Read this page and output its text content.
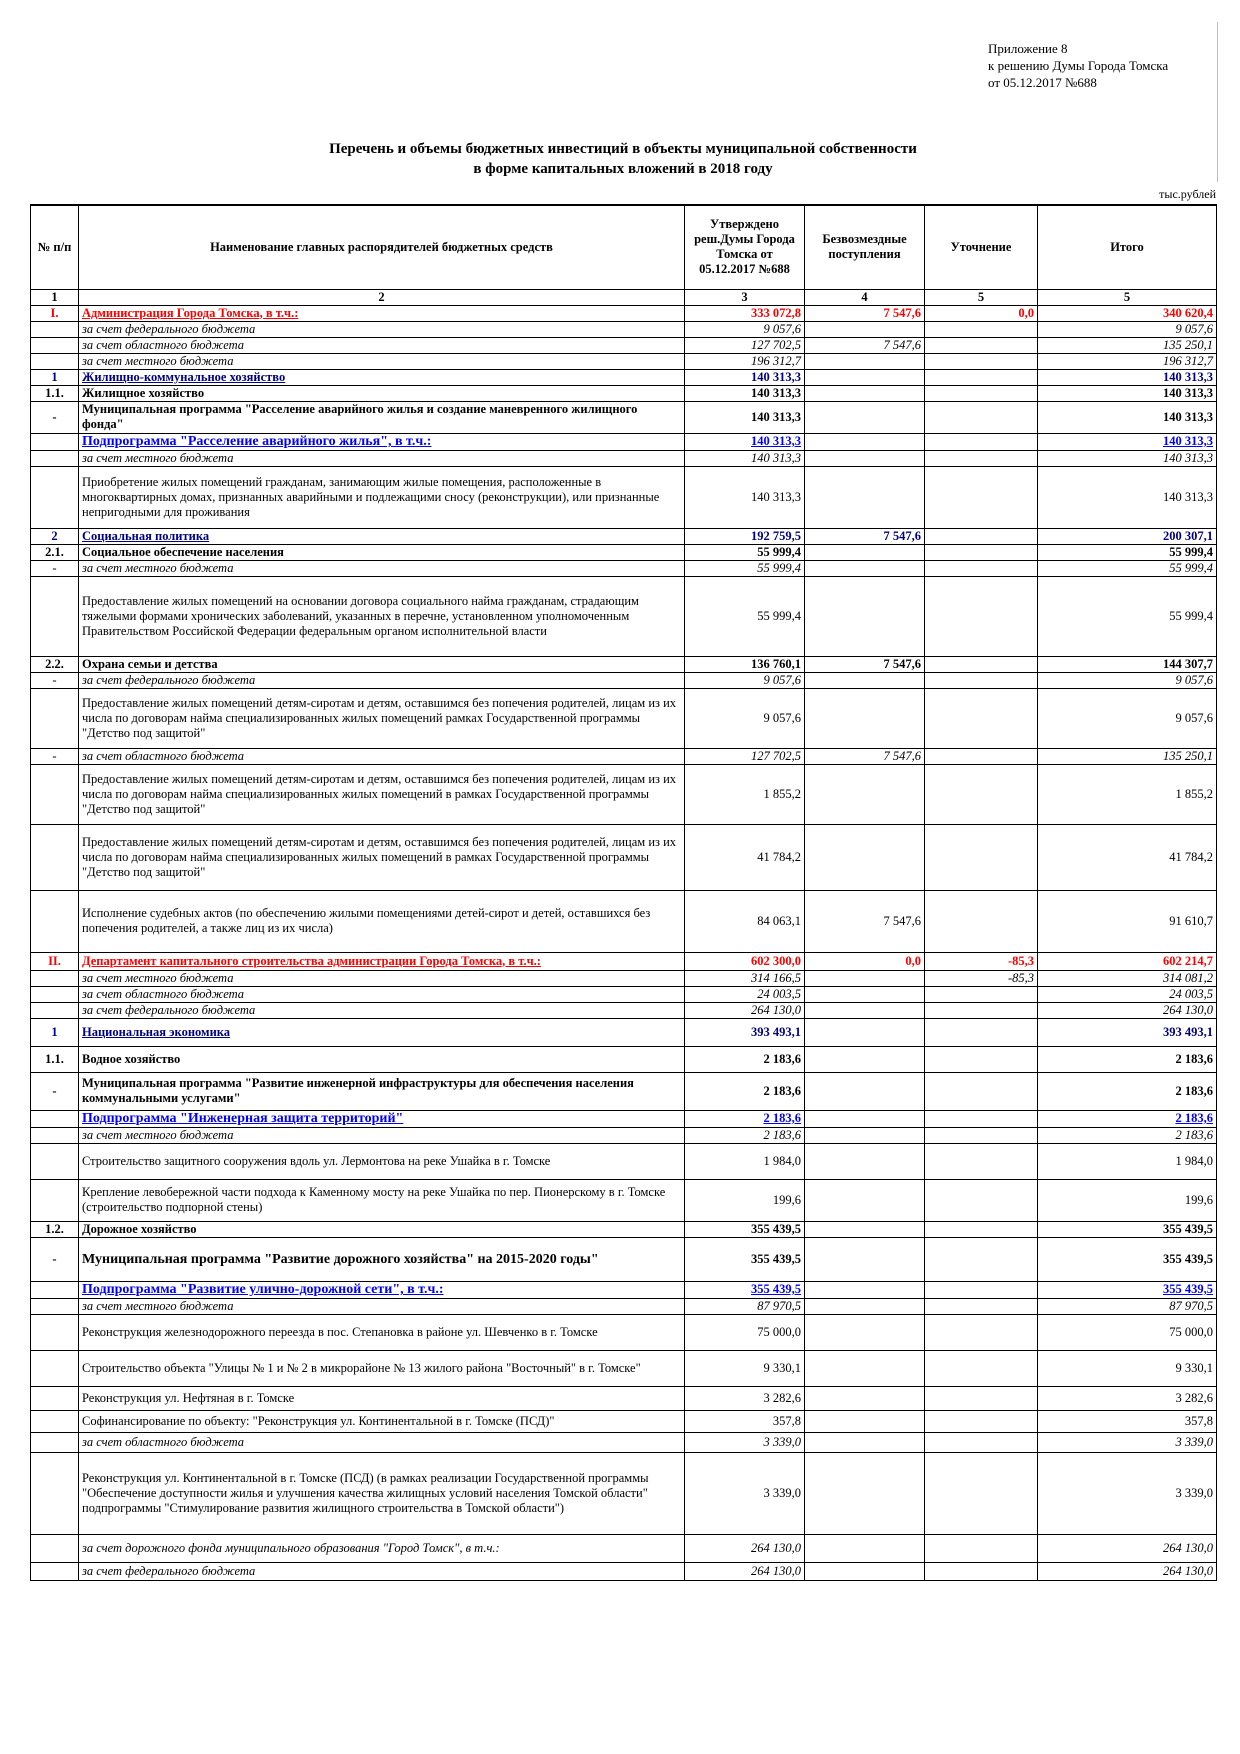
Приложение 8
к решению Думы Города Томска
от 05.12.2017 №688
Перечень и объемы бюджетных инвестиций в объекты муниципальной собственности
в форме капитальных вложений в 2018 году
тыс.рублей
№ п/п	Наименование главных распорядителей бюджетных средств	Утверждено реш.Думы Города Томска от 05.12.2017 №688	Безвозмездные поступления	Уточнение	Итого
1	2	3	4	5	5
I.	Администрация Города Томска, в т.ч.:	333 072,8	7 547,6	0,0	340 620,4
	за счет федерального бюджета	9 057,6			9 057,6
	за счет областного бюджета	127 702,5	7 547,6		135 250,1
	за счет местного бюджета	196 312,7			196 312,7
1	Жилищно-коммунальное хозяйство	140 313,3			140 313,3
1.1.	Жилищное хозяйство	140 313,3			140 313,3
-	Муниципальная программа "Расселение аварийного жилья и создание маневренного жилищного фонда"	140 313,3			140 313,3
	Подпрограмма "Расселение аварийного жилья", в т.ч.:	140 313,3			140 313,3
	за счет местного бюджета	140 313,3			140 313,3
	Приобретение жилых помещений гражданам, занимающим жилые помещения, расположенные в многоквартирных домах, признанных аварийными и подлежащими сносу (реконструкции), или признанные непригодными для проживания	140 313,3			140 313,3
2	Социальная политика	192 759,5	7 547,6		200 307,1
2.1.	Социальное обеспечение населения	55 999,4			55 999,4
-	за счет местного бюджета	55 999,4			55 999,4
	Предоставление жилых помещений на основании договора социального найма гражданам, страдающим тяжелыми формами хронических заболеваний, указанных в перечне, установленном уполномоченным Правительством Российской Федерации федеральным органом исполнительной власти	55 999,4			55 999,4
2.2.	Охрана семьи и детства	136 760,1	7 547,6		144 307,7
-	за счет федерального бюджета	9 057,6			9 057,6
	Предоставление жилых помещений детям-сиротам и детям, оставшимся без попечения родителей, лицам из их числа по договорам найма специализированных жилых помещений рамках Государственной программы "Детство под защитой"	9 057,6			9 057,6
-	за счет областного бюджета	127 702,5	7 547,6		135 250,1
	Предоставление жилых помещений детям-сиротам и детям, оставшимся без попечения родителей, лицам из их числа по договорам найма специализированных жилых помещений в рамках Государственной программы "Детство под защитой"	1 855,2			1 855,2
	Предоставление жилых помещений детям-сиротам и детям, оставшимся без попечения родителей, лицам из их числа по договорам найма специализированных жилых помещений в рамках Государственной программы "Детство под защитой"	41 784,2			41 784,2
	Исполнение судебных актов (по обеспечению жилыми помещениями детей-сирот и детей, оставшихся без попечения родителей, а также лиц из их числа)	84 063,1	7 547,6		91 610,7
II.	Департамент капитального строительства администрации Города Томска, в т.ч.:	602 300,0	0,0	-85,3	602 214,7
	за счет местного бюджета	314 166,5		-85,3	314 081,2
	за счет областного бюджета	24 003,5			24 003,5
	за счет федерального бюджета	264 130,0			264 130,0
1	Национальная экономика	393 493,1			393 493,1
1.1.	Водное хозяйство	2 183,6			2 183,6
-	Муниципальная программа "Развитие инженерной инфраструктуры для обеспечения населения коммунальными услугами"	2 183,6			2 183,6
	Подпрограмма "Инженерная защита территорий"	2 183,6			2 183,6
	за счет местного бюджета	2 183,6			2 183,6
	Строительство защитного сооружения вдоль ул. Лермонтова на реке Ушайка в г. Томске	1 984,0			1 984,0
	Крепление левобережной части подхода к Каменному мосту на реке Ушайка по пер. Пионерскому в г. Томске (строительство подпорной стены)	199,6			199,6
1.2.	Дорожное хозяйство	355 439,5			355 439,5
-	Муниципальная программа "Развитие дорожного хозяйства" на 2015-2020 годы"	355 439,5			355 439,5
	Подпрограмма "Развитие улично-дорожной сети", в т.ч.:	355 439,5			355 439,5
	за счет местного бюджета	87 970,5			87 970,5
	Реконструкция железнодорожного переезда в пос. Степановка в районе ул. Шевченко в г. Томске	75 000,0			75 000,0
	Строительство объекта "Улицы № 1 и № 2 в микрорайоне № 13 жилого района "Восточный" в г. Томске"	9 330,1			9 330,1
	Реконструкция ул. Нефтяная в г. Томске	3 282,6			3 282,6
	Софинансирование по объекту: "Реконструкция ул. Континентальной в г. Томске (ПСД)"	357,8			357,8
	за счет областного бюджета	3 339,0			3 339,0
	Реконструкция ул. Континентальной в г. Томске (ПСД) (в рамках реализации Государственной программы "Обеспечение доступности жилья и улучшения качества жилищных условий населения Томской области" подпрограммы "Стимулирование развития жилищного строительства в Томской области")	3 339,0			3 339,0
	за счет дорожного фонда муниципального образования "Город Томск", в т.ч.:	264 130,0			264 130,0
	за счет федерального бюджета	264 130,0			264 130,0
